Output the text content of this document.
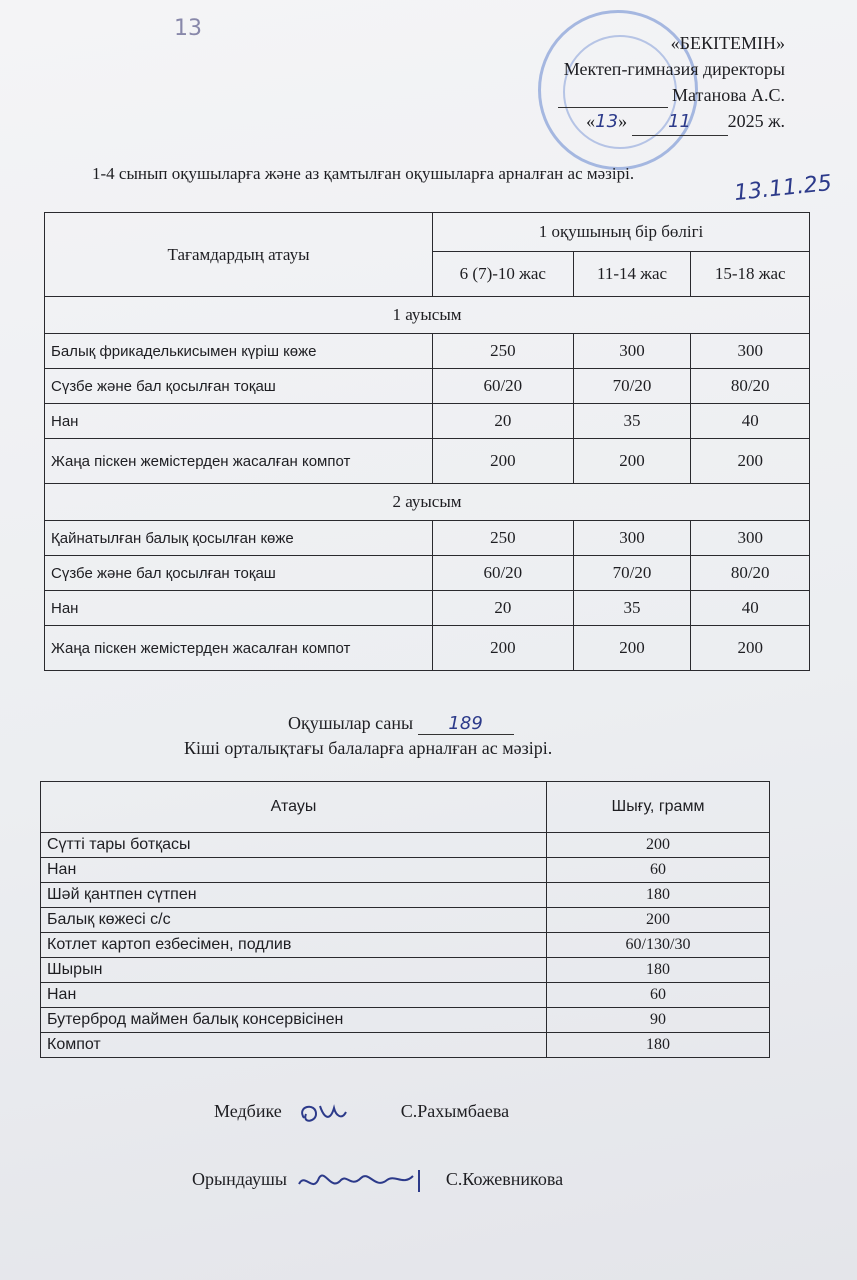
13
«БЕКІТЕМІН»
Мектеп-гимназия директоры
Матанова А.С.
«13» 11 2025 ж.
1-4 сынып оқушыларға және аз қамтылған оқушыларға арналған ас мәзірі.	13.11.25
Тағамдардың атауы	1 оқушының бір бөлігі		
	6 (7)-10 жас	11-14 жас	15-18 жас
1 ауысым			
Балық фрикаделькисымен күріш көже	250	300	300
Сүзбе және бал қосылған тоқаш	60/20	70/20	80/20
Нан	20	35	40
Жаңа піскен жемістерден жасалған компот	200	200	200
2 ауысым			
Қайнатылған балық қосылған көже	250	300	300
Сүзбе және бал қосылған тоқаш	60/20	70/20	80/20
Нан	20	35	40
Жаңа піскен жемістерден жасалған компот	200	200	200
Оқушылар саны 189
Кіші орталықтағы балаларға арналған ас мәзірі.
Атауы	Шығу, грамм
Сүтті тары ботқасы	200
Нан	60
Шәй қантпен сүтпен	180
Балық көжесі с/с	200
Котлет картоп езбесімен, подлив	60/130/30
Шырын	180
Нан	60
Бутерброд маймен балық консервісінен	90
Компот	180
Медбике	С.Рахымбаева
Орындаушы	С.Кожевникова
